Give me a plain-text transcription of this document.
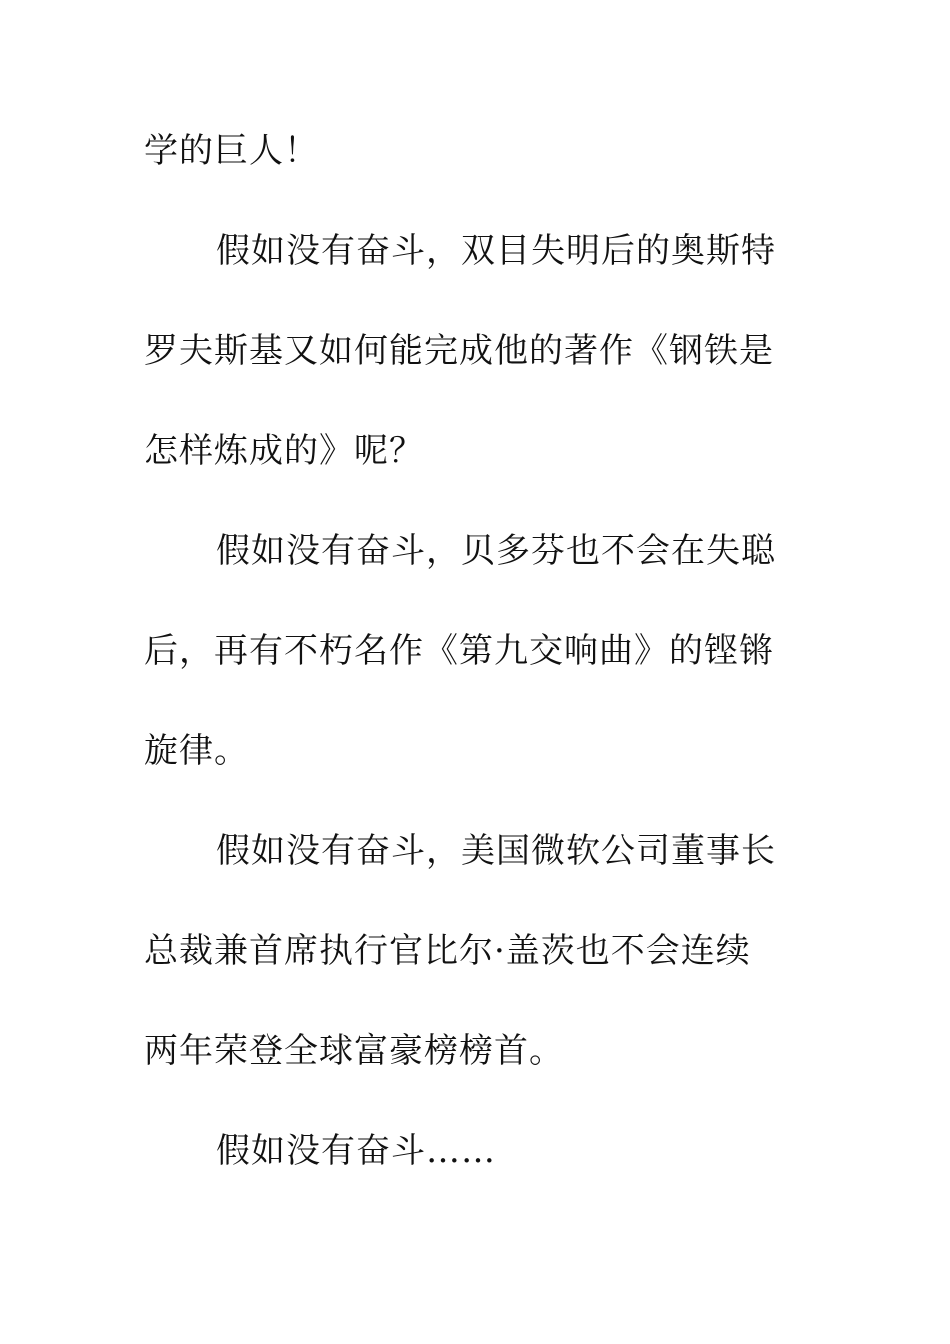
学的巨人！
假如没有奋斗，双目失明后的奥斯特
罗夫斯基又如何能完成他的著作《钢铁是
怎样炼成的》呢？
假如没有奋斗，贝多芬也不会在失聪
后，再有不朽名作《第九交响曲》的铿锵
旋律。
假如没有奋斗，美国微软公司董事长
总裁兼首席执行官比尔·盖茨也不会连续
两年荣登全球富豪榜榜首。
假如没有奋斗……
